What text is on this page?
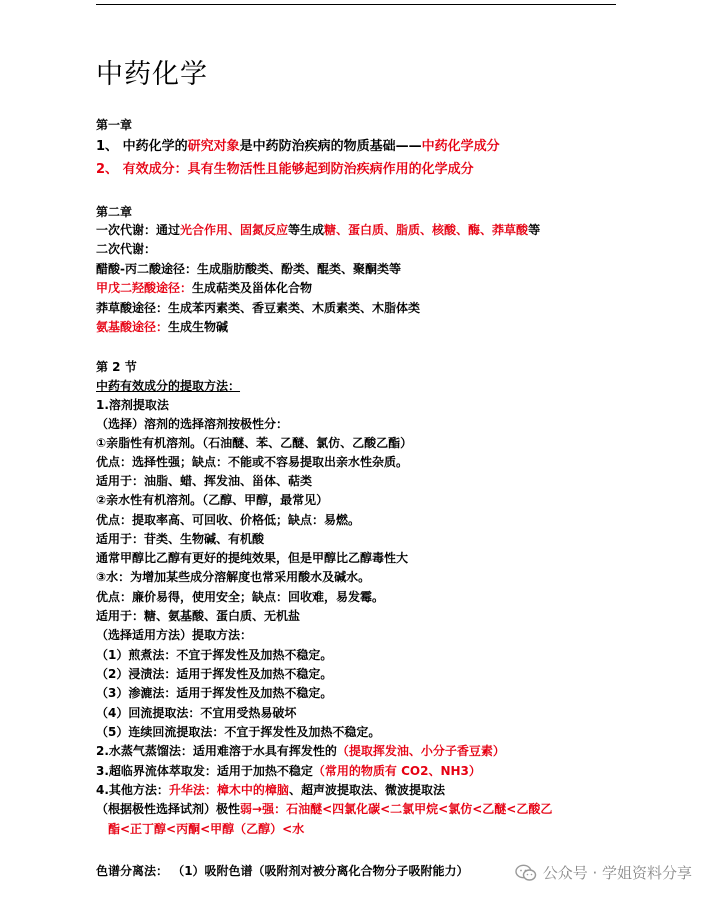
中药化学
第一章
1、 中药化学的研究对象是中药防治疾病的物质基础——中药化学成分
2、 有效成分：具有生物活性且能够起到防治疾病作用的化学成分
第二章
一次代谢：通过光合作用、固氮反应等生成糖、蛋白质、脂质、核酸、酶、莽草酸等
二次代谢：
醋酸-丙二酸途径：生成脂肪酸类、酚类、醌类、聚酮类等
甲戊二羟酸途径：生成萜类及甾体化合物
莽草酸途径：生成苯丙素类、香豆素类、木质素类、木脂体类
氨基酸途径：生成生物碱
第 2 节
中药有效成分的提取方法：
1.溶剂提取法
（选择）溶剂的选择溶剂按极性分：
①亲脂性有机溶剂。（石油醚、苯、乙醚、氯仿、乙酸乙酯）
优点：选择性强；缺点：不能或不容易提取出亲水性杂质。
适用于：油脂、蜡、挥发油、甾体、萜类
②亲水性有机溶剂。（乙醇、甲醇，最常见）
优点：提取率高、可回收、价格低；缺点：易燃。
适用于：苷类、生物碱、有机酸
通常甲醇比乙醇有更好的提纯效果，但是甲醇比乙醇毒性大
③水：为增加某些成分溶解度也常采用酸水及碱水。
优点：廉价易得，使用安全；缺点：回收难，易发霉。
适用于：糖、氨基酸、蛋白质、无机盐
（选择适用方法）提取方法：
（1）煎煮法：不宜于挥发性及加热不稳定。
（2）浸渍法：适用于挥发性及加热不稳定。
（3）渗漉法：适用于挥发性及加热不稳定。
（4）回流提取法：不宜用受热易破坏
（5）连续回流提取法：不宜于挥发性及加热不稳定。
2.水蒸气蒸馏法：适用难溶于水具有挥发性的（提取挥发油、小分子香豆素）
3.超临界流体萃取发：适用于加热不稳定（常用的物质有 CO2、NH3）
4.其他方法：升华法：樟木中的樟脑、超声波提取法、微波提取法
（根据极性选择试剂）极性弱→强：石油醚<四氯化碳<二氯甲烷<氯仿<乙醚<乙酸乙
酯<正丁醇<丙酮<甲醇（乙醇）<水
色谱分离法： （1）吸附色谱（吸附剂对被分离化合物分子吸附能力）	公众号 · 学姐资料分享
